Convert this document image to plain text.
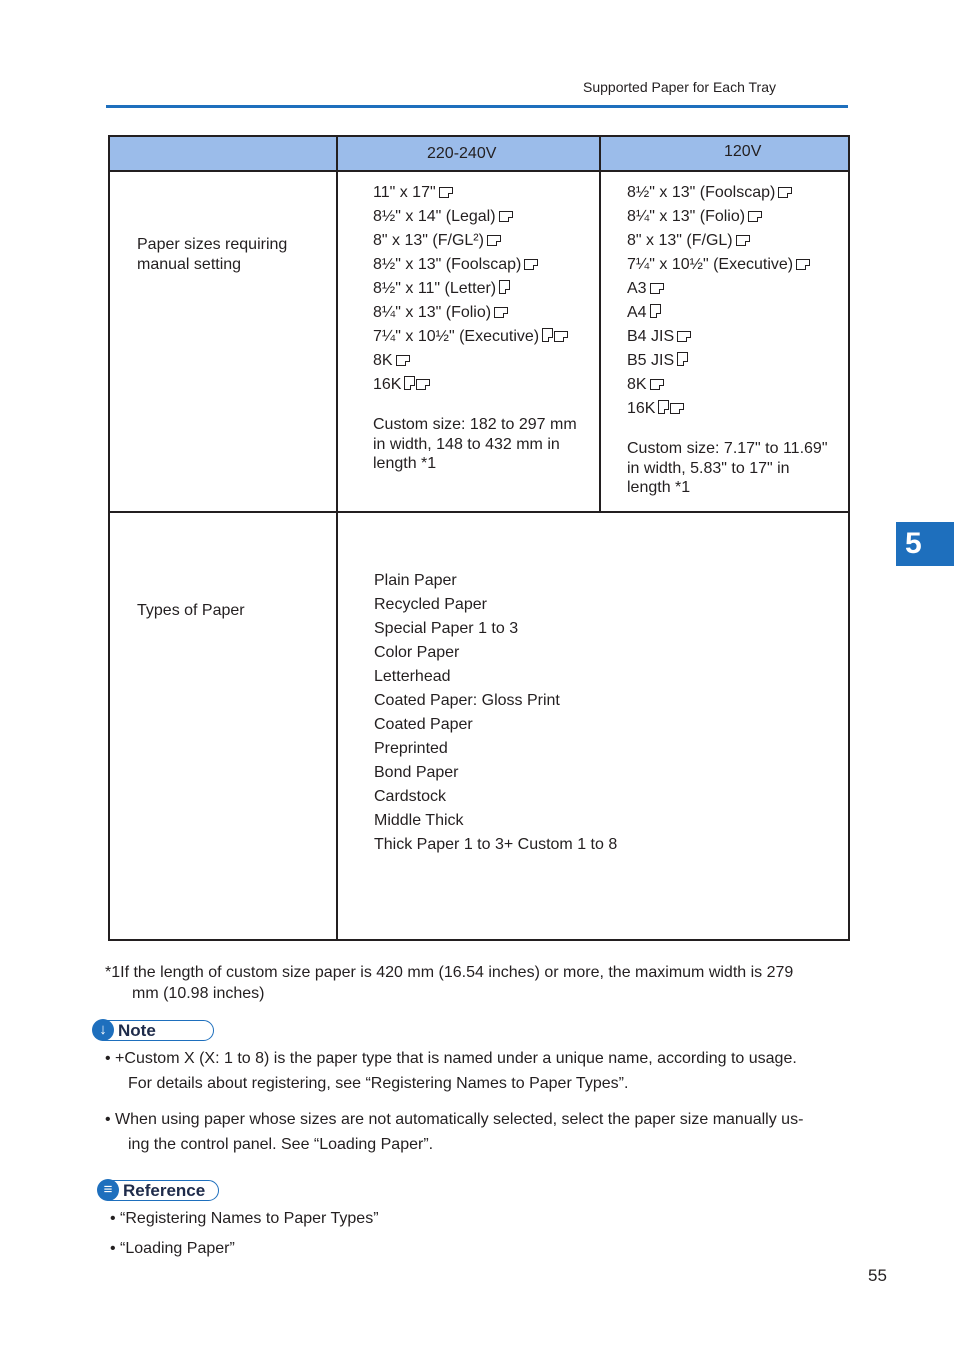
Supported Paper for Each Tray
220-240V	120V
Paper sizes requiring
manual setting
11" x 17"
8½" x 14" (Legal)
8" x 13" (F/GL²)
8½" x 13" (Foolscap)
8½" x 11" (Letter)
8¼" x 13" (Folio)
7¼" x 10½" (Executive)
8K
16K
Custom size: 182 to 297 mm
in width, 148 to 432 mm in
length *1
8½" x 13" (Foolscap)
8¼" x 13" (Folio)
8" x 13" (F/GL)
7¼" x 10½" (Executive)
A3
A4
B4 JIS
B5 JIS
8K
16K
Custom size: 7.17" to 11.69"
in width, 5.83" to 17" in
length *1
Types of Paper
Plain Paper
Recycled Paper
Special Paper 1 to 3
Color Paper
Letterhead
Coated Paper: Gloss Print
Coated Paper
Preprinted
Bond Paper
Cardstock
Middle Thick
Thick Paper 1 to 3+ Custom 1 to 8
5
*1If the length of custom size paper is 420 mm (16.54 inches) or more, the maximum width is 279
mm (10.98 inches)
↓ Note
• +Custom X (X: 1 to 8) is the paper type that is named under a unique name, according to usage.
For details about registering, see “Registering Names to Paper Types”.
• When using paper whose sizes are not automatically selected, select the paper size manually us-
ing the control panel. See “Loading Paper”.
≡ Reference
• “Registering Names to Paper Types”
• “Loading Paper”
55
